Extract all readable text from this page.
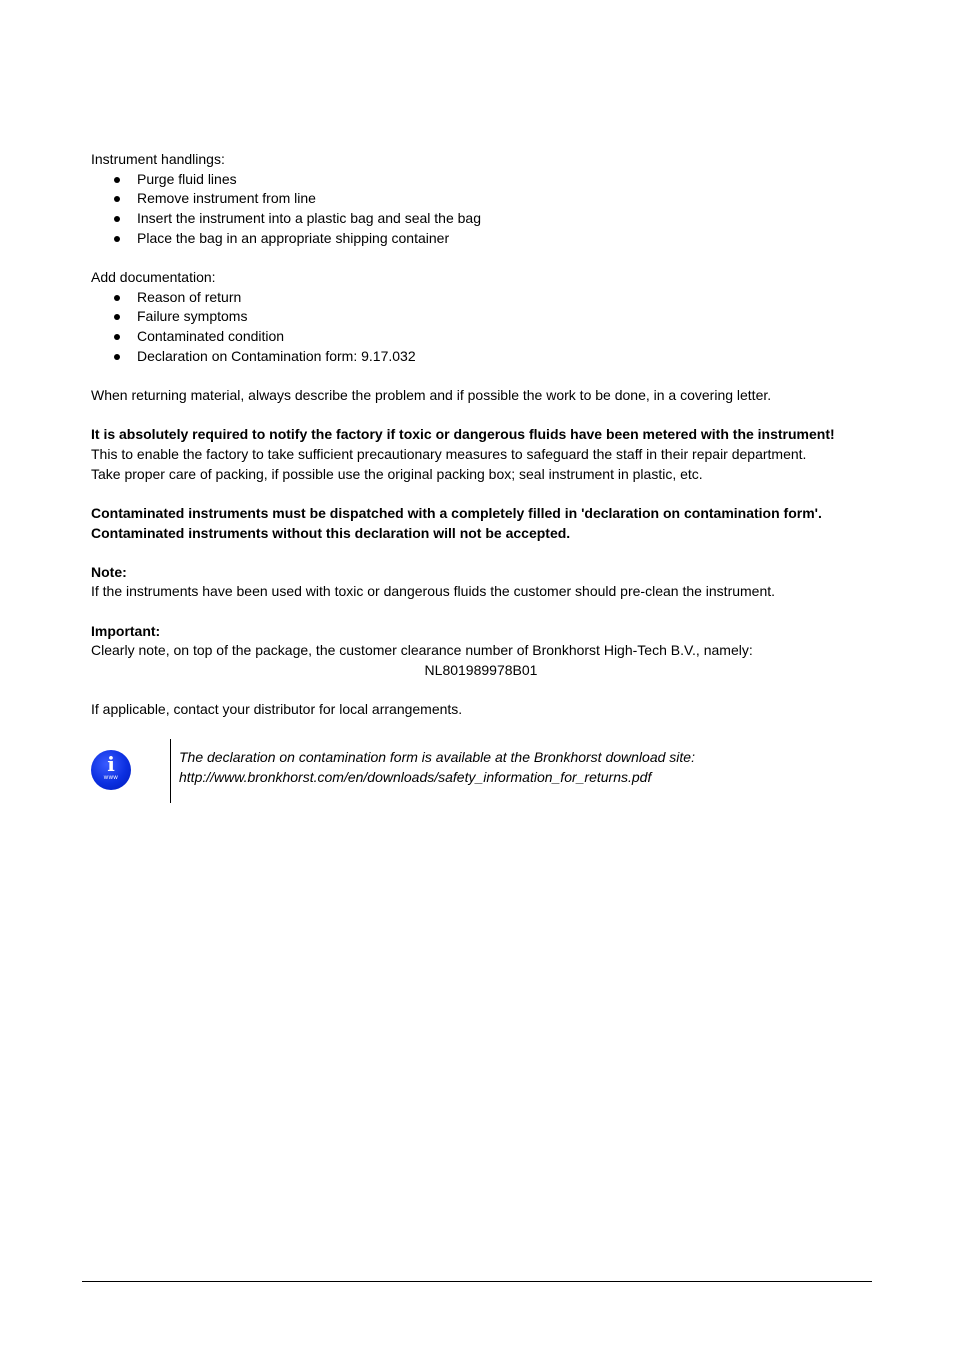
Instrument handlings:

Purge fluid lines
Remove instrument from line
Insert the instrument into a plastic bag and seal the bag
Place the bag in an appropriate shipping container

Add documentation:

Reason of return
Failure symptoms
Contaminated condition
Declaration on Contamination form: 9.17.032

When returning material, always describe the problem and if possible the work to be done, in a covering letter.

It is absolutely required to notify the factory if toxic or dangerous fluids have been metered with the instrument!

This to enable the factory to take sufficient precautionary measures to safeguard the staff in their repair department.

Take proper care of packing, if possible use the original packing box; seal instrument in plastic, etc.

Contaminated instruments must be dispatched with a completely filled in 'declaration on contamination form'.

Contaminated instruments without this declaration will not be accepted.

Note:

If the instruments have been used with toxic or dangerous fluids the customer should pre-clean the instrument.

Important:

Clearly note, on top of the package, the customer clearance number of Bronkhorst High-Tech B.V., namely:

NL801989978B01

If applicable, contact your distributor for local arrangements.

i
www

The declaration on contamination form is available at the Bronkhorst download site:

http://www.bronkhorst.com/en/downloads/safety_information_for_returns.pdf
